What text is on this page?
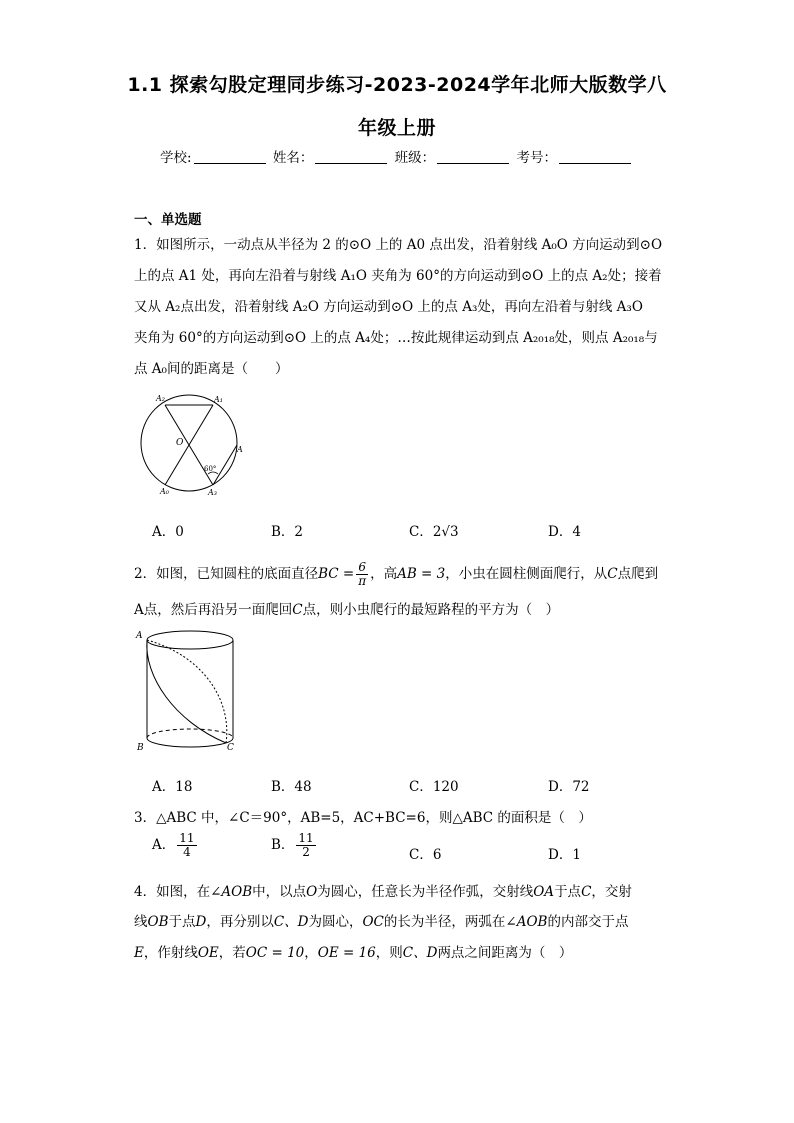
1.1 探索勾股定理同步练习-2023-2024学年北师大版数学八
年级上册
学校:	姓名：	班级：	考号：
一、单选题
1．如图所示，一动点从半径为 2 的⊙O 上的 A0 点出发，沿着射线 A₀O 方向运动到⊙O
上的点 A1 处，再向左沿着与射线 A₁O 夹角为 60°的方向运动到⊙O 上的点 A₂处；接着
又从 A₂点出发，沿着射线 A₂O 方向运动到⊙O 上的点 A₃处，再向左沿着与射线 A₃O
夹角为 60°的方向运动到⊙O 上的点 A₄处；…按此规律运动到点 A₂₀₁₈处，则点 A₂₀₁₈与
点 A₀间的距离是（　　）
A₂	A₁
O
A
60°
A₀	A₃
A．0	B．2	C．2√3	D．4
2．如图，已知圆柱的底面直径BC = $\frac{6}{\pi}$ ，高AB = 3，小虫在圆柱侧面爬行，从C点爬到
A点，然后再沿另一面爬回C点，则小虫爬行的最短路程的平方为（　）
A
B	C
A．18	B．48	C．120	D．72
3．△ABC 中，∠C＝90°，AB=5，AC+BC=6，则△ABC 的面积是（　）
A． $\frac{11}{4}$	B． $\frac{11}{2}$	C．6	D．1
4．如图，在∠AOB中，以点O为圆心，任意长为半径作弧，交射线OA于点C，交射
线OB于点D，再分别以C、D为圆心，OC的长为半径，两弧在∠AOB的内部交于点
E，作射线OE，若OC = 10，OE = 16，则C、D两点之间距离为（　）
